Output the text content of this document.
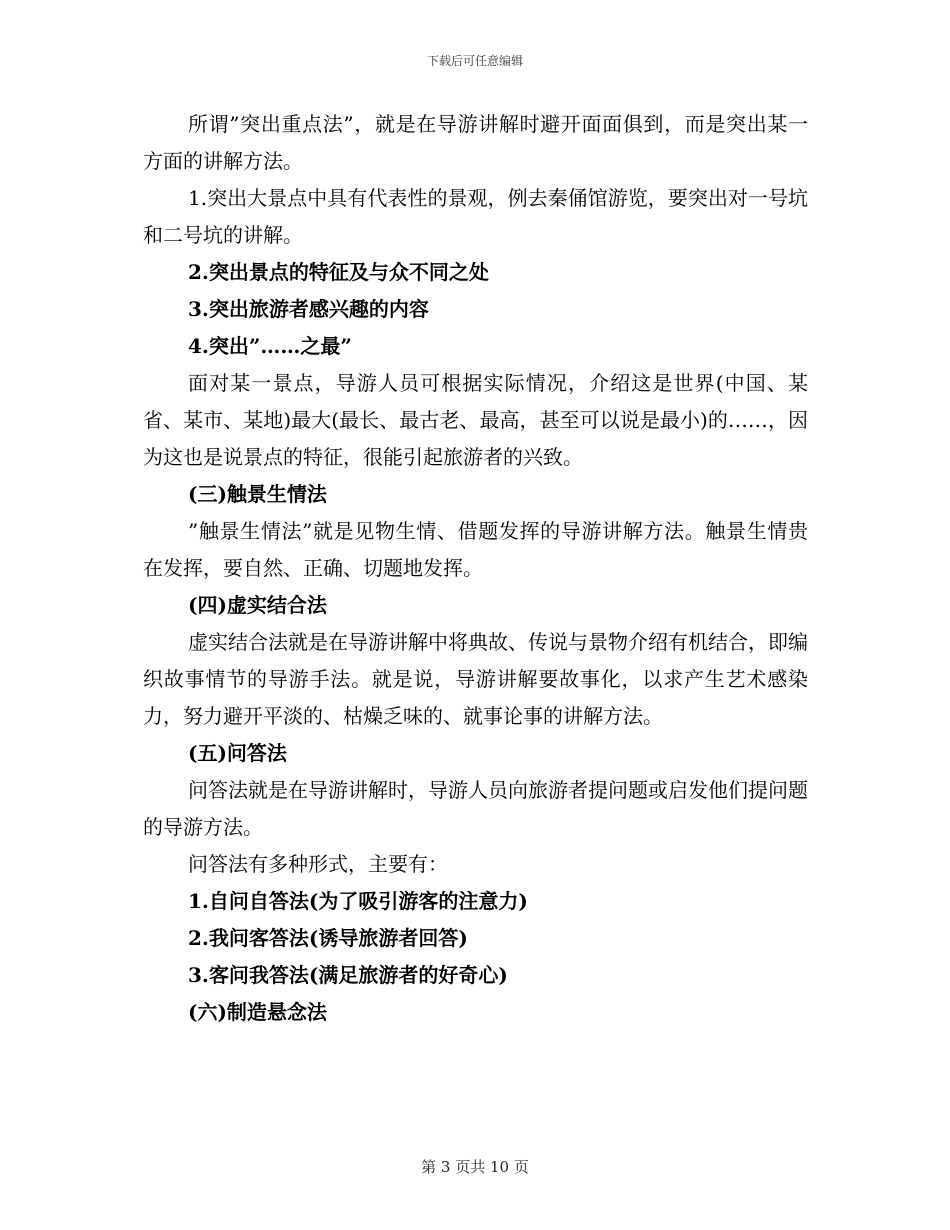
下载后可任意编辑

所谓”突出重点法”，就是在导游讲解时避开面面俱到，而是突出某一方面的讲解方法。

1.突出大景点中具有代表性的景观，例去秦俑馆游览，要突出对一号坑和二号坑的讲解。

2.突出景点的特征及与众不同之处

3.突出旅游者感兴趣的内容

4.突出”……之最”

面对某一景点，导游人员可根据实际情况，介绍这是世界(中国、某省、某市、某地)最大(最长、最古老、最高，甚至可以说是最小)的……，因为这也是说景点的特征，很能引起旅游者的兴致。

(三)触景生情法

”触景生情法”就是见物生情、借题发挥的导游讲解方法。触景生情贵在发挥，要自然、正确、切题地发挥。

(四)虚实结合法

虚实结合法就是在导游讲解中将典故、传说与景物介绍有机结合，即编织故事情节的导游手法。就是说，导游讲解要故事化，以求产生艺术感染力，努力避开平淡的、枯燥乏味的、就事论事的讲解方法。

(五)问答法

问答法就是在导游讲解时，导游人员向旅游者提问题或启发他们提问题的导游方法。

问答法有多种形式，主要有：

1.自问自答法(为了吸引游客的注意力)

2.我问客答法(诱导旅游者回答)

3.客问我答法(满足旅游者的好奇心)

(六)制造悬念法

第 3 页共 10 页
